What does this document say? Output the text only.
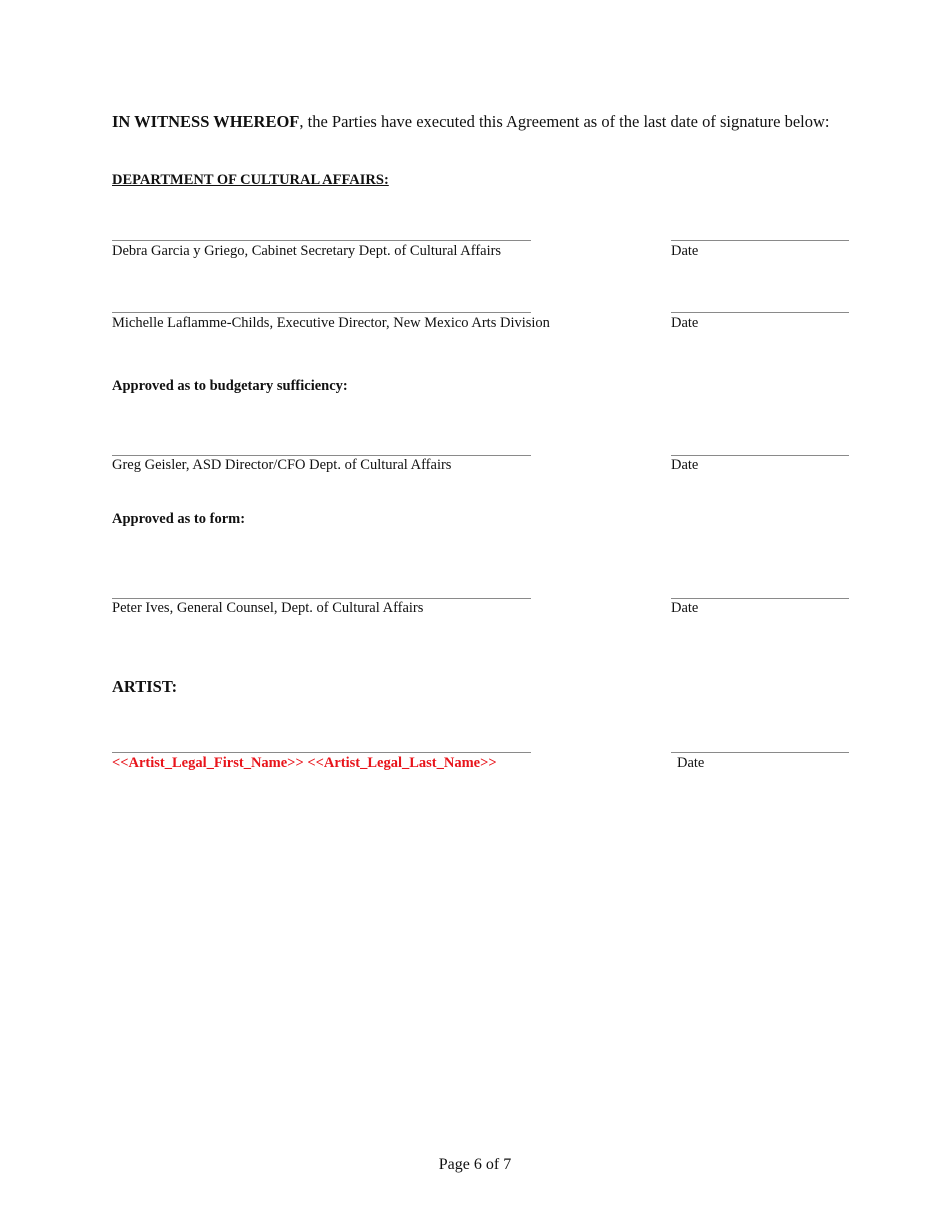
IN WITNESS WHEREOF, the Parties have executed this Agreement as of the last date of signature below:
DEPARTMENT OF CULTURAL AFFAIRS:
Debra Garcia y Griego, Cabinet Secretary Dept. of Cultural Affairs	Date
Michelle Laflamme-Childs, Executive Director, New Mexico Arts Division	Date
Approved as to budgetary sufficiency:
Greg Geisler, ASD Director/CFO Dept. of Cultural Affairs	Date
Approved as to form:
Peter Ives, General Counsel, Dept. of Cultural Affairs	Date
ARTIST:
<<Artist_Legal_First_Name>> <<Artist_Legal_Last_Name>>	Date
Page 6 of 7
